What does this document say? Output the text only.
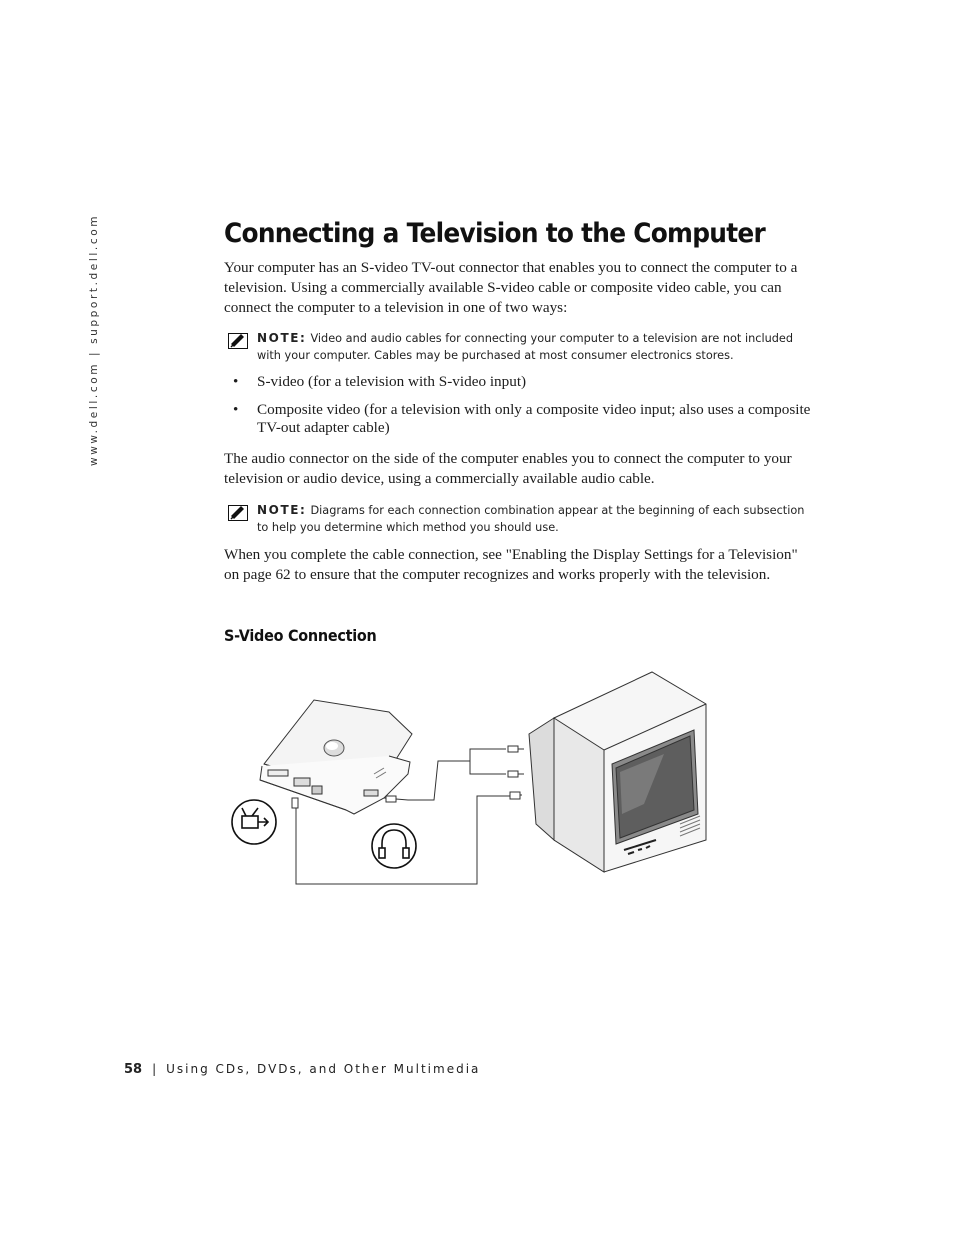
www.dell.com | support.dell.com	Connecting a Television to the Computer

Your computer has an S-video TV-out connector that enables you to connect the computer to a television. Using a commercially available S-video cable or composite video cable, you can connect the computer to a television in one of two ways:

NOTE: Video and audio cables for connecting your computer to a television are not included with your computer. Cables may be purchased at most consumer electronics stores.
• S-video (for a television with S-video input)
• Composite video (for a television with only a composite video input; also uses a composite TV-out adapter cable)

The audio connector on the side of the computer enables you to connect the computer to your television or audio device, using a commercially available audio cable.

NOTE: Diagrams for each connection combination appear at the beginning of each subsection to help you determine which method you should use.

When you complete the cable connection, see "Enabling the Display Settings for a Television" on page 62 to ensure that the computer recognizes and works properly with the television.

S-Video Connection
58 | Using CDs, DVDs, and Other Multimedia
